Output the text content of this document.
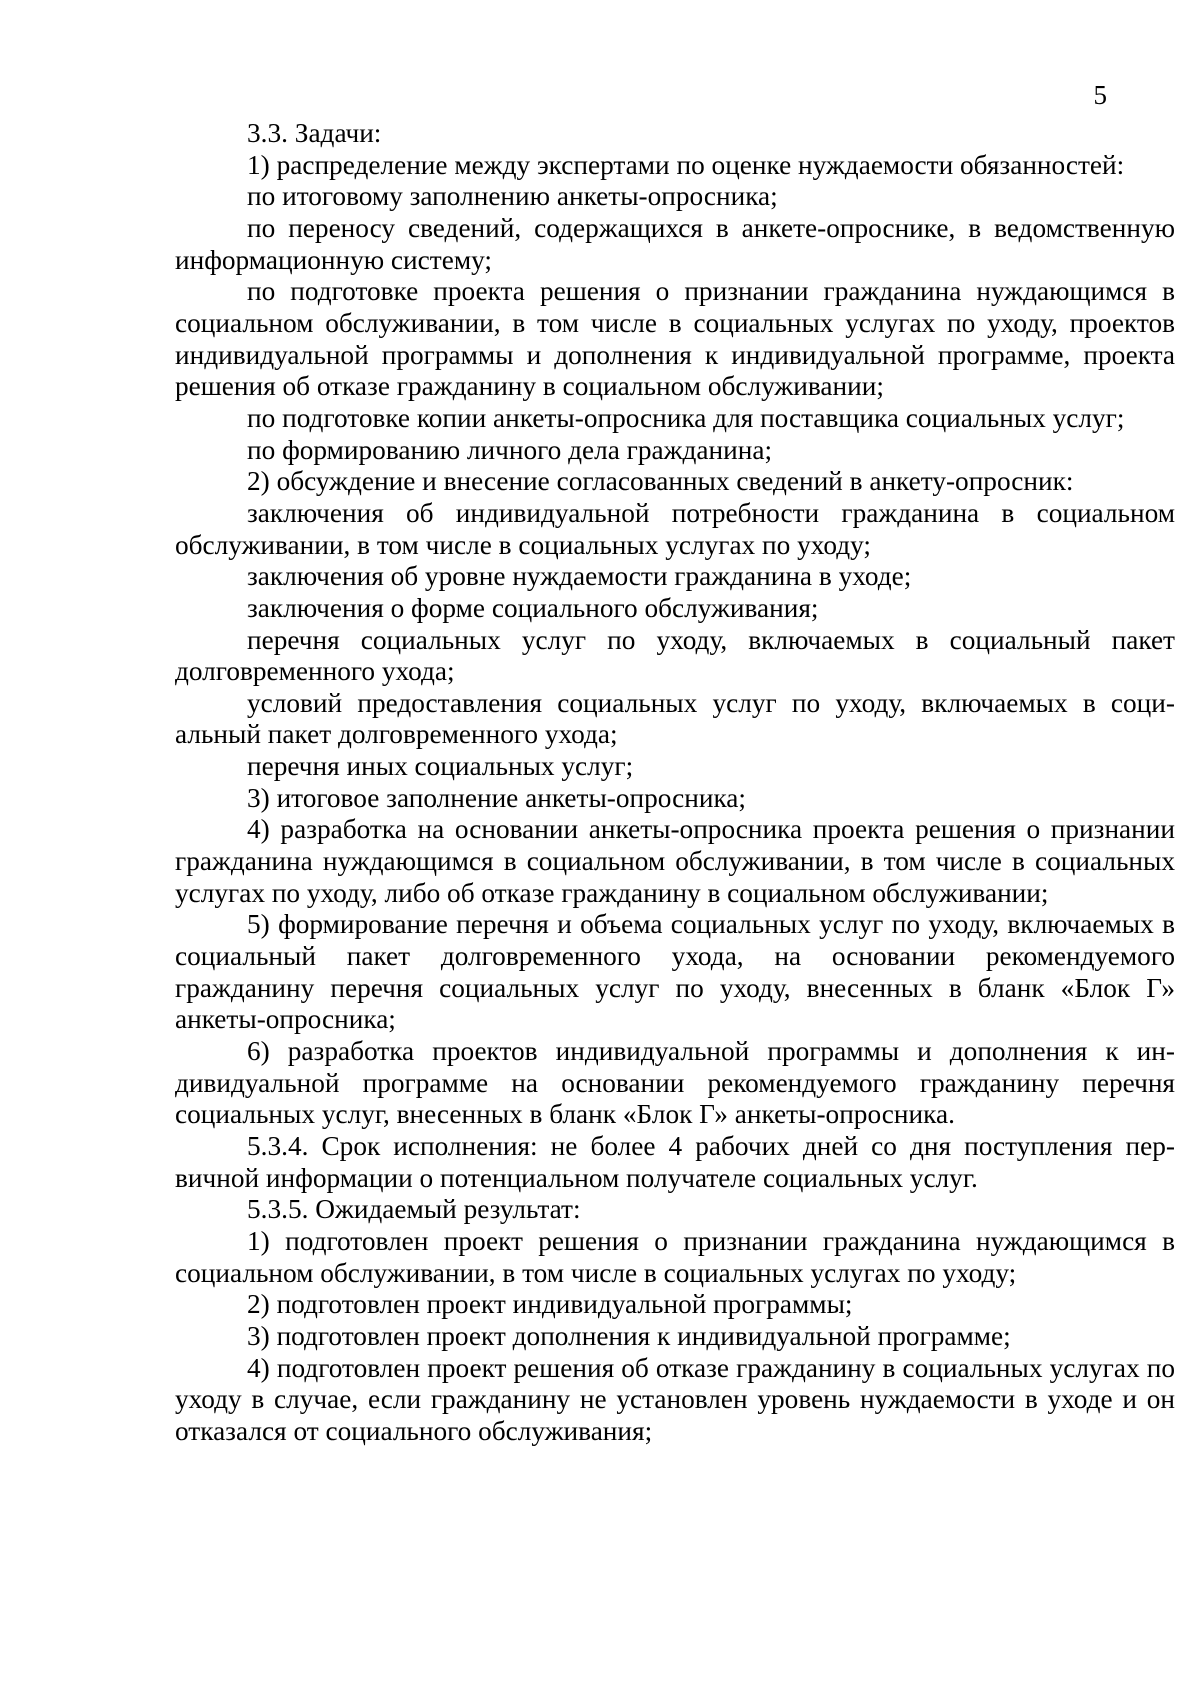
5

3.3. Задачи:

1) распределение между экспертами по оценке нуждаемости обязанностей:

по итоговому заполнению анкеты-опросника;

по переносу сведений, содержащихся в анкете-опроснике, в ведомственную информационную систему;

по подготовке проекта решения о признании гражданина нуждающимся в социальном обслуживании, в том числе в социальных услугах по уходу, проектов индивидуальной программы и дополнения к индивидуальной программе, проекта решения об отказе гражданину в социальном обслуживании;

по подготовке копии анкеты-опросника для поставщика социальных услуг;

по формированию личного дела гражданина;

2) обсуждение и внесение согласованных сведений в анкету-опросник:

заключения об индивидуальной потребности гражданина в социальном обслуживании, в том числе в социальных услугах по уходу;

заключения об уровне нуждаемости гражданина в уходе;

заключения о форме социального обслуживания;

перечня социальных услуг по уходу, включаемых в социальный пакет долговременного ухода;

условий предоставления социальных услуг по уходу, включаемых в социальный пакет долговременного ухода;

перечня иных социальных услуг;

3) итоговое заполнение анкеты-опросника;

4) разработка на основании анкеты-опросника проекта решения о признании гражданина нуждающимся в социальном обслуживании, в том числе в социальных услугах по уходу, либо об отказе гражданину в социальном обслуживании;

5) формирование перечня и объема социальных услуг по уходу, включаемых в социальный пакет долговременного ухода, на основании рекомендуемого гражданину перечня социальных услуг по уходу, внесенных в бланк «Блок Г» анкеты-опросника;

6) разработка проектов индивидуальной программы и дополнения к индивидуальной программе на основании рекомендуемого гражданину перечня социальных услуг, внесенных в бланк «Блок Г» анкеты-опросника.

5.3.4. Срок исполнения: не более 4 рабочих дней со дня поступления первичной информации о потенциальном получателе социальных услуг.

5.3.5. Ожидаемый результат:

1) подготовлен проект решения о признании гражданина нуждающимся в социальном обслуживании, в том числе в социальных услугах по уходу;

2) подготовлен проект индивидуальной программы;

3) подготовлен проект дополнения к индивидуальной программе;

4) подготовлен проект решения об отказе гражданину в социальных услугах по уходу в случае, если гражданину не установлен уровень нуждаемости в уходе и он отказался от социального обслуживания;
